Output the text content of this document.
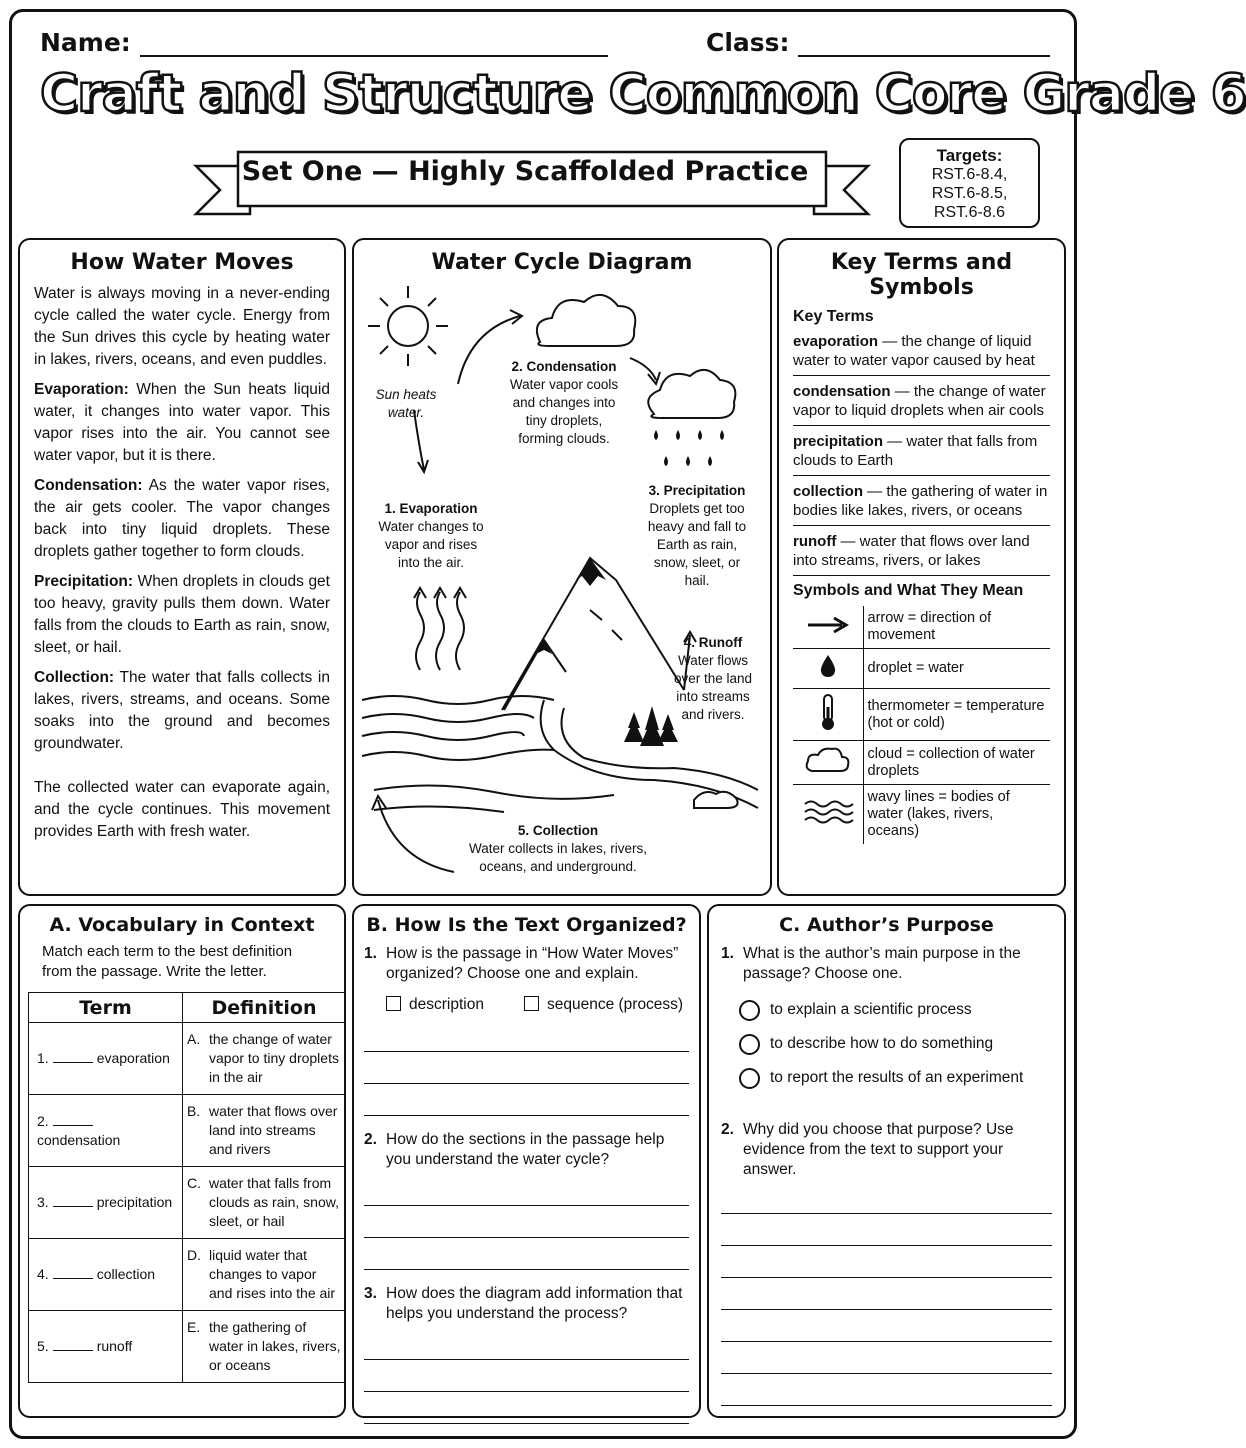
Name:	Class:
Craft and Structure Common Core Grade 6
Set One — Highly Scaffolded Practice
Targets:
RST.6-8.4,
RST.6-8.5,
RST.6-8.6
How Water Moves

Water is always moving in a never-ending cycle called the water cycle. Energy from the Sun drives this cycle by heating water in lakes, rivers, oceans, and even puddles.

Evaporation: When the Sun heats liquid water, it changes into water vapor. This vapor rises into the air. You cannot see water vapor, but it is there.

Condensation: As the water vapor rises, the air gets cooler. The vapor changes back into tiny liquid droplets. These droplets gather together to form clouds.

Precipitation: When droplets in clouds get too heavy, gravity pulls them down. Water falls from the clouds to Earth as rain, snow, sleet, or hail.

Collection: The water that falls collects in lakes, rivers, streams, and oceans. Some soaks into the ground and becomes groundwater.

The collected water can evaporate again, and the cycle continues. This movement provides Earth with fresh water.

Water Cycle Diagram
Sun heats water.
1. Evaporation
Water changes to vapor and rises into the air.
2. Condensation
Water vapor cools and changes into tiny droplets, forming clouds.
3. Precipitation
Droplets get too heavy and fall to Earth as rain, snow, sleet, or hail.
4. Runoff
Water flows over the land into streams and rivers.
5. Collection
Water collects in lakes, rivers, oceans, and underground.
Key Terms and Symbols
Key Terms
evaporation — the change of liquid water to water vapor caused by heat
condensation — the change of water vapor to liquid droplets when air cools
precipitation — water that falls from clouds to Earth
collection — the gathering of water in bodies like lakes, rivers, or oceans
runoff — water that flows over land into streams, rivers, or lakes
Symbols and What They Mean
	arrow = direction of movement
	droplet = water
	thermometer = temperature (hot or cold)
	cloud = collection of water droplets
	wavy lines = bodies of water (lakes, rivers, oceans)
A. Vocabulary in Context
Match each term to the best definition from the passage. Write the letter.
Term	Definition
1. evaporation	A. the change of water vapor to tiny droplets in the air

2.condensation	B. water that flows over land into streams and rivers

3. precipitation	C. water that falls from clouds as rain, snow, sleet, or hail

4. collection	D. liquid water that changes to vapor and rises into the air

5. runoff	E. the gathering of water in lakes, rivers, or oceans
B. How Is the Text Organized?
1. How is the passage in “How Water Moves” organized? Choose one and explain.
description	sequence (process)
2. How do the sections in the passage help you understand the water cycle?
3. How does the diagram add information that helps you understand the process?
C. Author’s Purpose
1. What is the author’s main purpose in the passage? Choose one.
to explain a scientific process
to describe how to do something
to report the results of an experiment
2. Why did you choose that purpose? Use evidence from the text to support your answer.
